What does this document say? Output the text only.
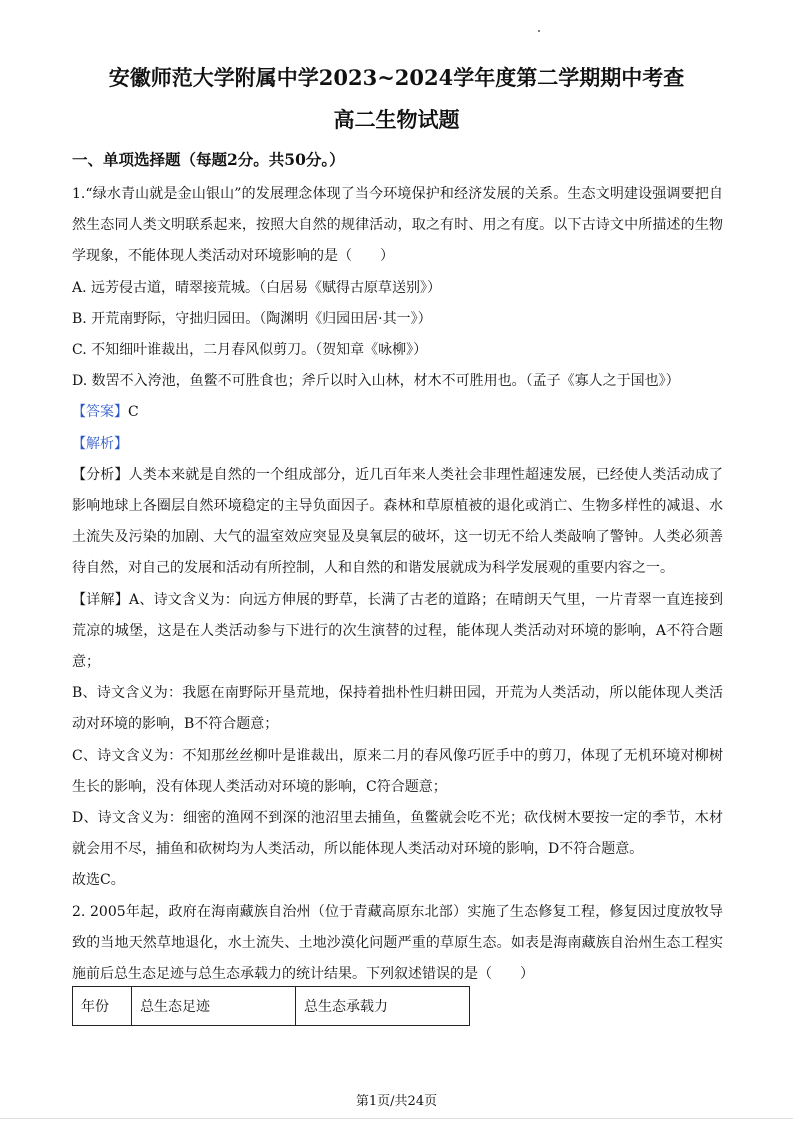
安徽师范大学附属中学2023~2024学年度第二学期期中考查
高二生物试题
一、单项选择题（每题2分。共50分。）

1.“绿水青山就是金山银山”的发展理念体现了当今环境保护和经济发展的关系。生态文明建设强调要把自然生态同人类文明联系起来，按照大自然的规律活动，取之有时、用之有度。以下古诗文中所描述的生物学现象，不能体现人类活动对环境影响的是（　　）

A. 远芳侵古道，晴翠接荒城。（白居易《赋得古原草送别》）

B. 开荒南野际，守拙归园田。（陶渊明《归园田居·其一》）

C. 不知细叶谁裁出，二月春风似剪刀。（贺知章《咏柳》）

D. 数罟不入洿池，鱼鳖不可胜食也；斧斤以时入山林，材木不可胜用也。（孟子《寡人之于国也》）

【答案】C

【解析】

【分析】人类本来就是自然的一个组成部分，近几百年来人类社会非理性超速发展，已经使人类活动成了影响地球上各圈层自然环境稳定的主导负面因子。森林和草原植被的退化或消亡、生物多样性的减退、水土流失及污染的加剧、大气的温室效应突显及臭氧层的破坏，这一切无不给人类敲响了警钟。人类必须善待自然，对自己的发展和活动有所控制，人和自然的和谐发展就成为科学发展观的重要内容之一。

【详解】A、诗文含义为：向远方伸展的野草，长满了古老的道路；在晴朗天气里，一片青翠一直连接到荒凉的城堡，这是在人类活动参与下进行的次生演替的过程，能体现人类活动对环境的影响，A不符合题意；

B、诗文含义为：我愿在南野际开垦荒地，保持着拙朴性归耕田园，开荒为人类活动，所以能体现人类活动对环境的影响，B不符合题意；

C、诗文含义为：不知那丝丝柳叶是谁裁出，原来二月的春风像巧匠手中的剪刀，体现了无机环境对柳树生长的影响，没有体现人类活动对环境的影响，C符合题意；

D、诗文含义为：细密的渔网不到深的池沼里去捕鱼，鱼鳖就会吃不光；砍伐树木要按一定的季节，木材就会用不尽，捕鱼和砍树均为人类活动，所以能体现人类活动对环境的影响，D不符合题意。

故选C。

2. 2005年起，政府在海南藏族自治州（位于青藏高原东北部）实施了生态修复工程，修复因过度放牧导致的当地天然草地退化，水土流失、土地沙漠化问题严重的草原生态。如表是海南藏族自治州生态工程实施前后总生态足迹与总生态承载力的统计结果。下列叙述错误的是（　　）

年份	总生态足迹	总生态承载力
第1页/共24页
